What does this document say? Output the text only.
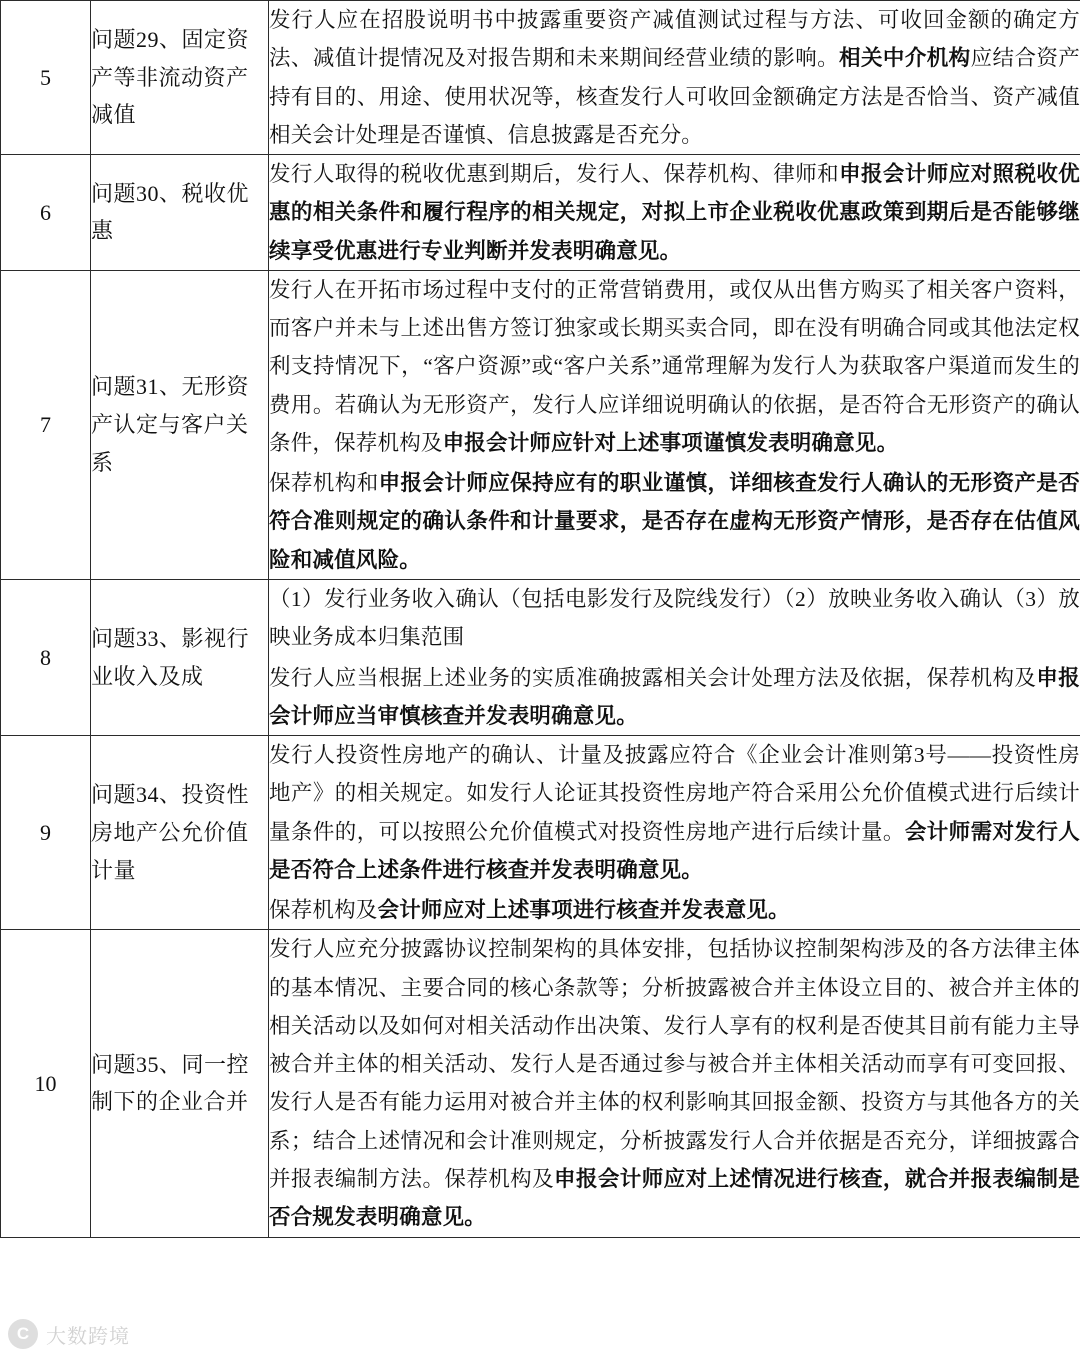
5	问题29、固定资产等非流动资产减值	发行人应在招股说明书中披露重要资产减值测试过程与方法、可收回金额的确定方法、减值计提情况及对报告期和未来期间经营业绩的影响。相关中介机构应结合资产持有目的、用途、使用状况等，核查发行人可收回金额确定方法是否恰当、资产减值相关会计处理是否谨慎、信息披露是否充分。

6	问题30、税收优惠	发行人取得的税收优惠到期后，发行人、保荐机构、律师和申报会计师应对照税收优惠的相关条件和履行程序的相关规定，对拟上市企业税收优惠政策到期后是否能够继续享受优惠进行专业判断并发表明确意见。

7	问题31、无形资产认定与客户关系	发行人在开拓市场过程中支付的正常营销费用，或仅从出售方购买了相关客户资料，而客户并未与上述出售方签订独家或长期买卖合同，即在没有明确合同或其他法定权利支持情况下，“客户资源”或“客户关系”通常理解为发行人为获取客户渠道而发生的费用。若确认为无形资产，发行人应详细说明确认的依据，是否符合无形资产的确认条件，保荐机构及申报会计师应针对上述事项谨慎发表明确意见。

保荐机构和申报会计师应保持应有的职业谨慎，详细核查发行人确认的无形资产是否符合准则规定的确认条件和计量要求，是否存在虚构无形资产情形，是否存在估值风险和减值风险。

8	问题33、影视行业收入及成	（1）发行业务收入确认（包括电影发行及院线发行）（2）放映业务收入确认（3）放映业务成本归集范围

发行人应当根据上述业务的实质准确披露相关会计处理方法及依据，保荐机构及申报会计师应当审慎核查并发表明确意见。

9	问题34、投资性房地产公允价值计量	发行人投资性房地产的确认、计量及披露应符合《企业会计准则第3号——投资性房地产》的相关规定。如发行人论证其投资性房地产符合采用公允价值模式进行后续计量条件的，可以按照公允价值模式对投资性房地产进行后续计量。会计师需对发行人是否符合上述条件进行核查并发表明确意见。

保荐机构及会计师应对上述事项进行核查并发表意见。

10	问题35、同一控制下的企业合并	发行人应充分披露协议控制架构的具体安排，包括协议控制架构涉及的各方法律主体的基本情况、主要合同的核心条款等；分析披露被合并主体设立目的、被合并主体的相关活动以及如何对相关活动作出决策、发行人享有的权利是否使其目前有能力主导被合并主体的相关活动、发行人是否通过参与被合并主体相关活动而享有可变回报、发行人是否有能力运用对被合并主体的权利影响其回报金额、投资方与其他各方的关系；结合上述情况和会计准则规定，分析披露发行人合并依据是否充分，详细披露合并报表编制方法。保荐机构及申报会计师应对上述情况进行核查，就合并报表编制是否合规发表明确意见。

C 大数跨境
